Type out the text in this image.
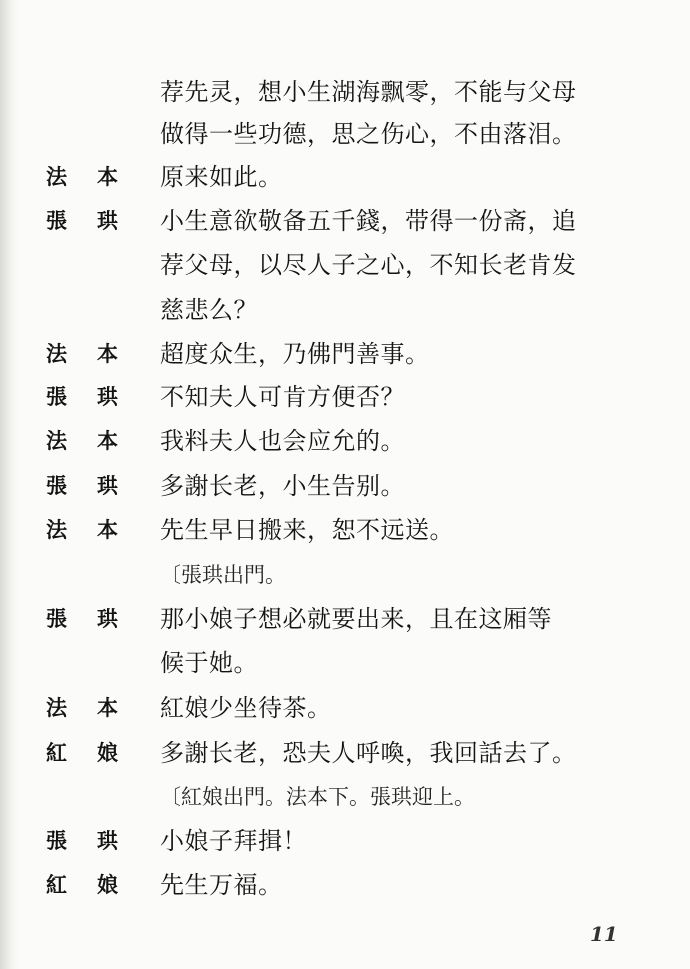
荐先灵，想小生湖海飘零，不能与父母
做得一些功德，思之伤心，不由落泪。
法本 原来如此。
張珙 小生意欲敬备五千錢，带得一份斋，追
荐父母，以尽人子之心，不知长老肯发
慈悲么？
法本 超度众生，乃佛門善事。
張珙 不知夫人可肯方便否？
法本 我料夫人也会应允的。
張珙 多謝长老，小生告别。
法本 先生早日搬来，恕不远送。
〔張珙出門。
張珙 那小娘子想必就要出来，且在这厢等
候于她。
法本 紅娘少坐待茶。
紅娘 多謝长老，恐夫人呼喚，我回話去了。
〔紅娘出門。法本下。張珙迎上。
張珙 小娘子拜揖！
紅娘 先生万福。
11
